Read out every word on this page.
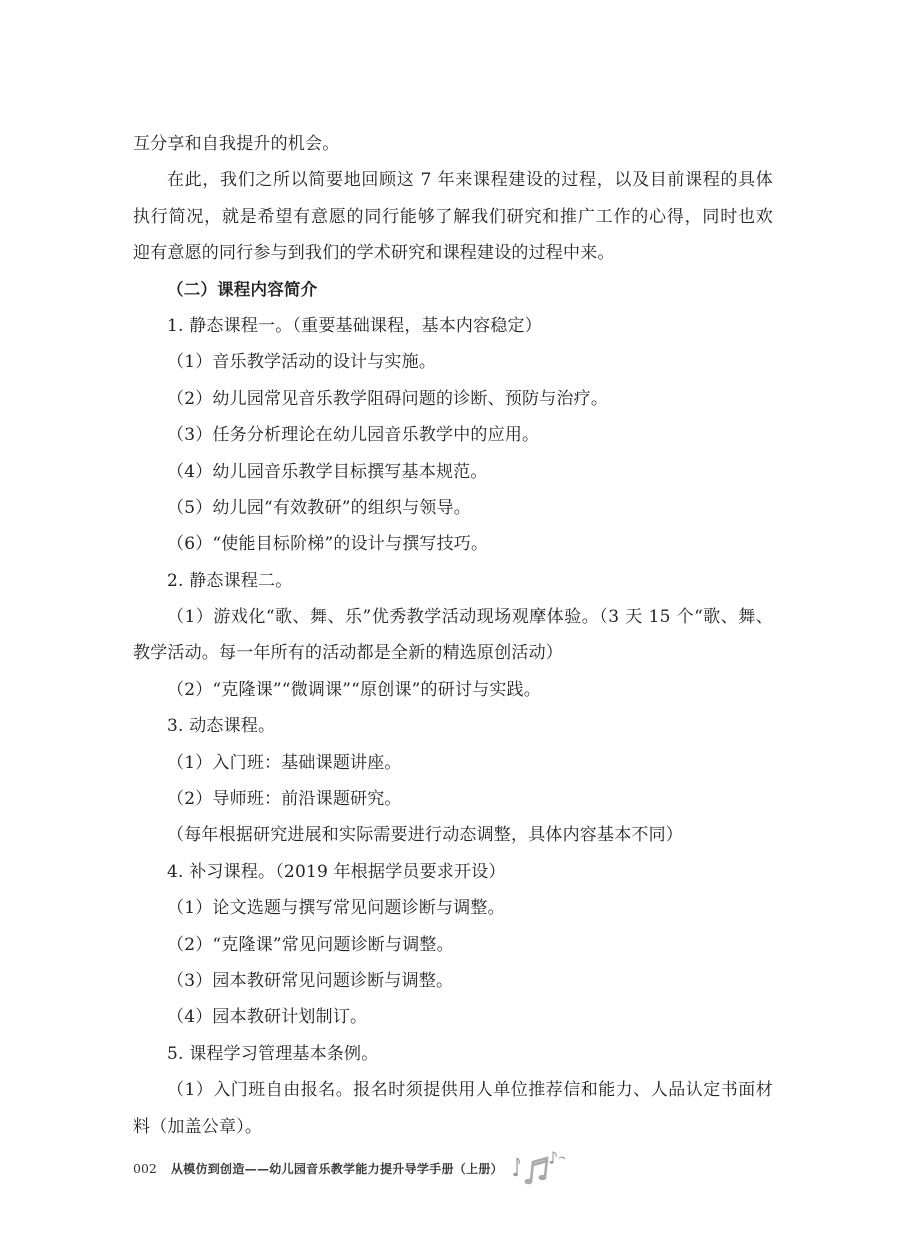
互分享和自我提升的机会。
在此，我们之所以简要地回顾这 7 年来课程建设的过程，以及目前课程的具体
执行简况，就是希望有意愿的同行能够了解我们研究和推广工作的心得，同时也欢
迎有意愿的同行参与到我们的学术研究和课程建设的过程中来。
（二）课程内容简介
1. 静态课程一。（重要基础课程，基本内容稳定）
（1）音乐教学活动的设计与实施。
（2）幼儿园常见音乐教学阻碍问题的诊断、预防与治疗。
（3）任务分析理论在幼儿园音乐教学中的应用。
（4）幼儿园音乐教学目标撰写基本规范。
（5）幼儿园“有效教研”的组织与领导。
（6）“使能目标阶梯”的设计与撰写技巧。
2. 静态课程二。
（1）游戏化“歌、舞、乐”优秀教学活动现场观摩体验。（3 天 15 个“歌、舞、
教学活动。每一年所有的活动都是全新的精选原创活动）
（2）“克隆课”“微调课”“原创课”的研讨与实践。
3. 动态课程。
（1）入门班：基础课题讲座。
（2）导师班：前沿课题研究。
（每年根据研究进展和实际需要进行动态调整，具体内容基本不同）
4. 补习课程。（2019 年根据学员要求开设）
（1）论文选题与撰写常见问题诊断与调整。
（2）“克隆课”常见问题诊断与调整。
（3）园本教研常见问题诊断与调整。
（4）园本教研计划制订。
5. 课程学习管理基本条例。
（1）入门班自由报名。报名时须提供用人单位推荐信和能力、人品认定书面材
料（加盖公章）。
002 从模仿到创造——幼儿园音乐教学能力提升导学手册（上册）
